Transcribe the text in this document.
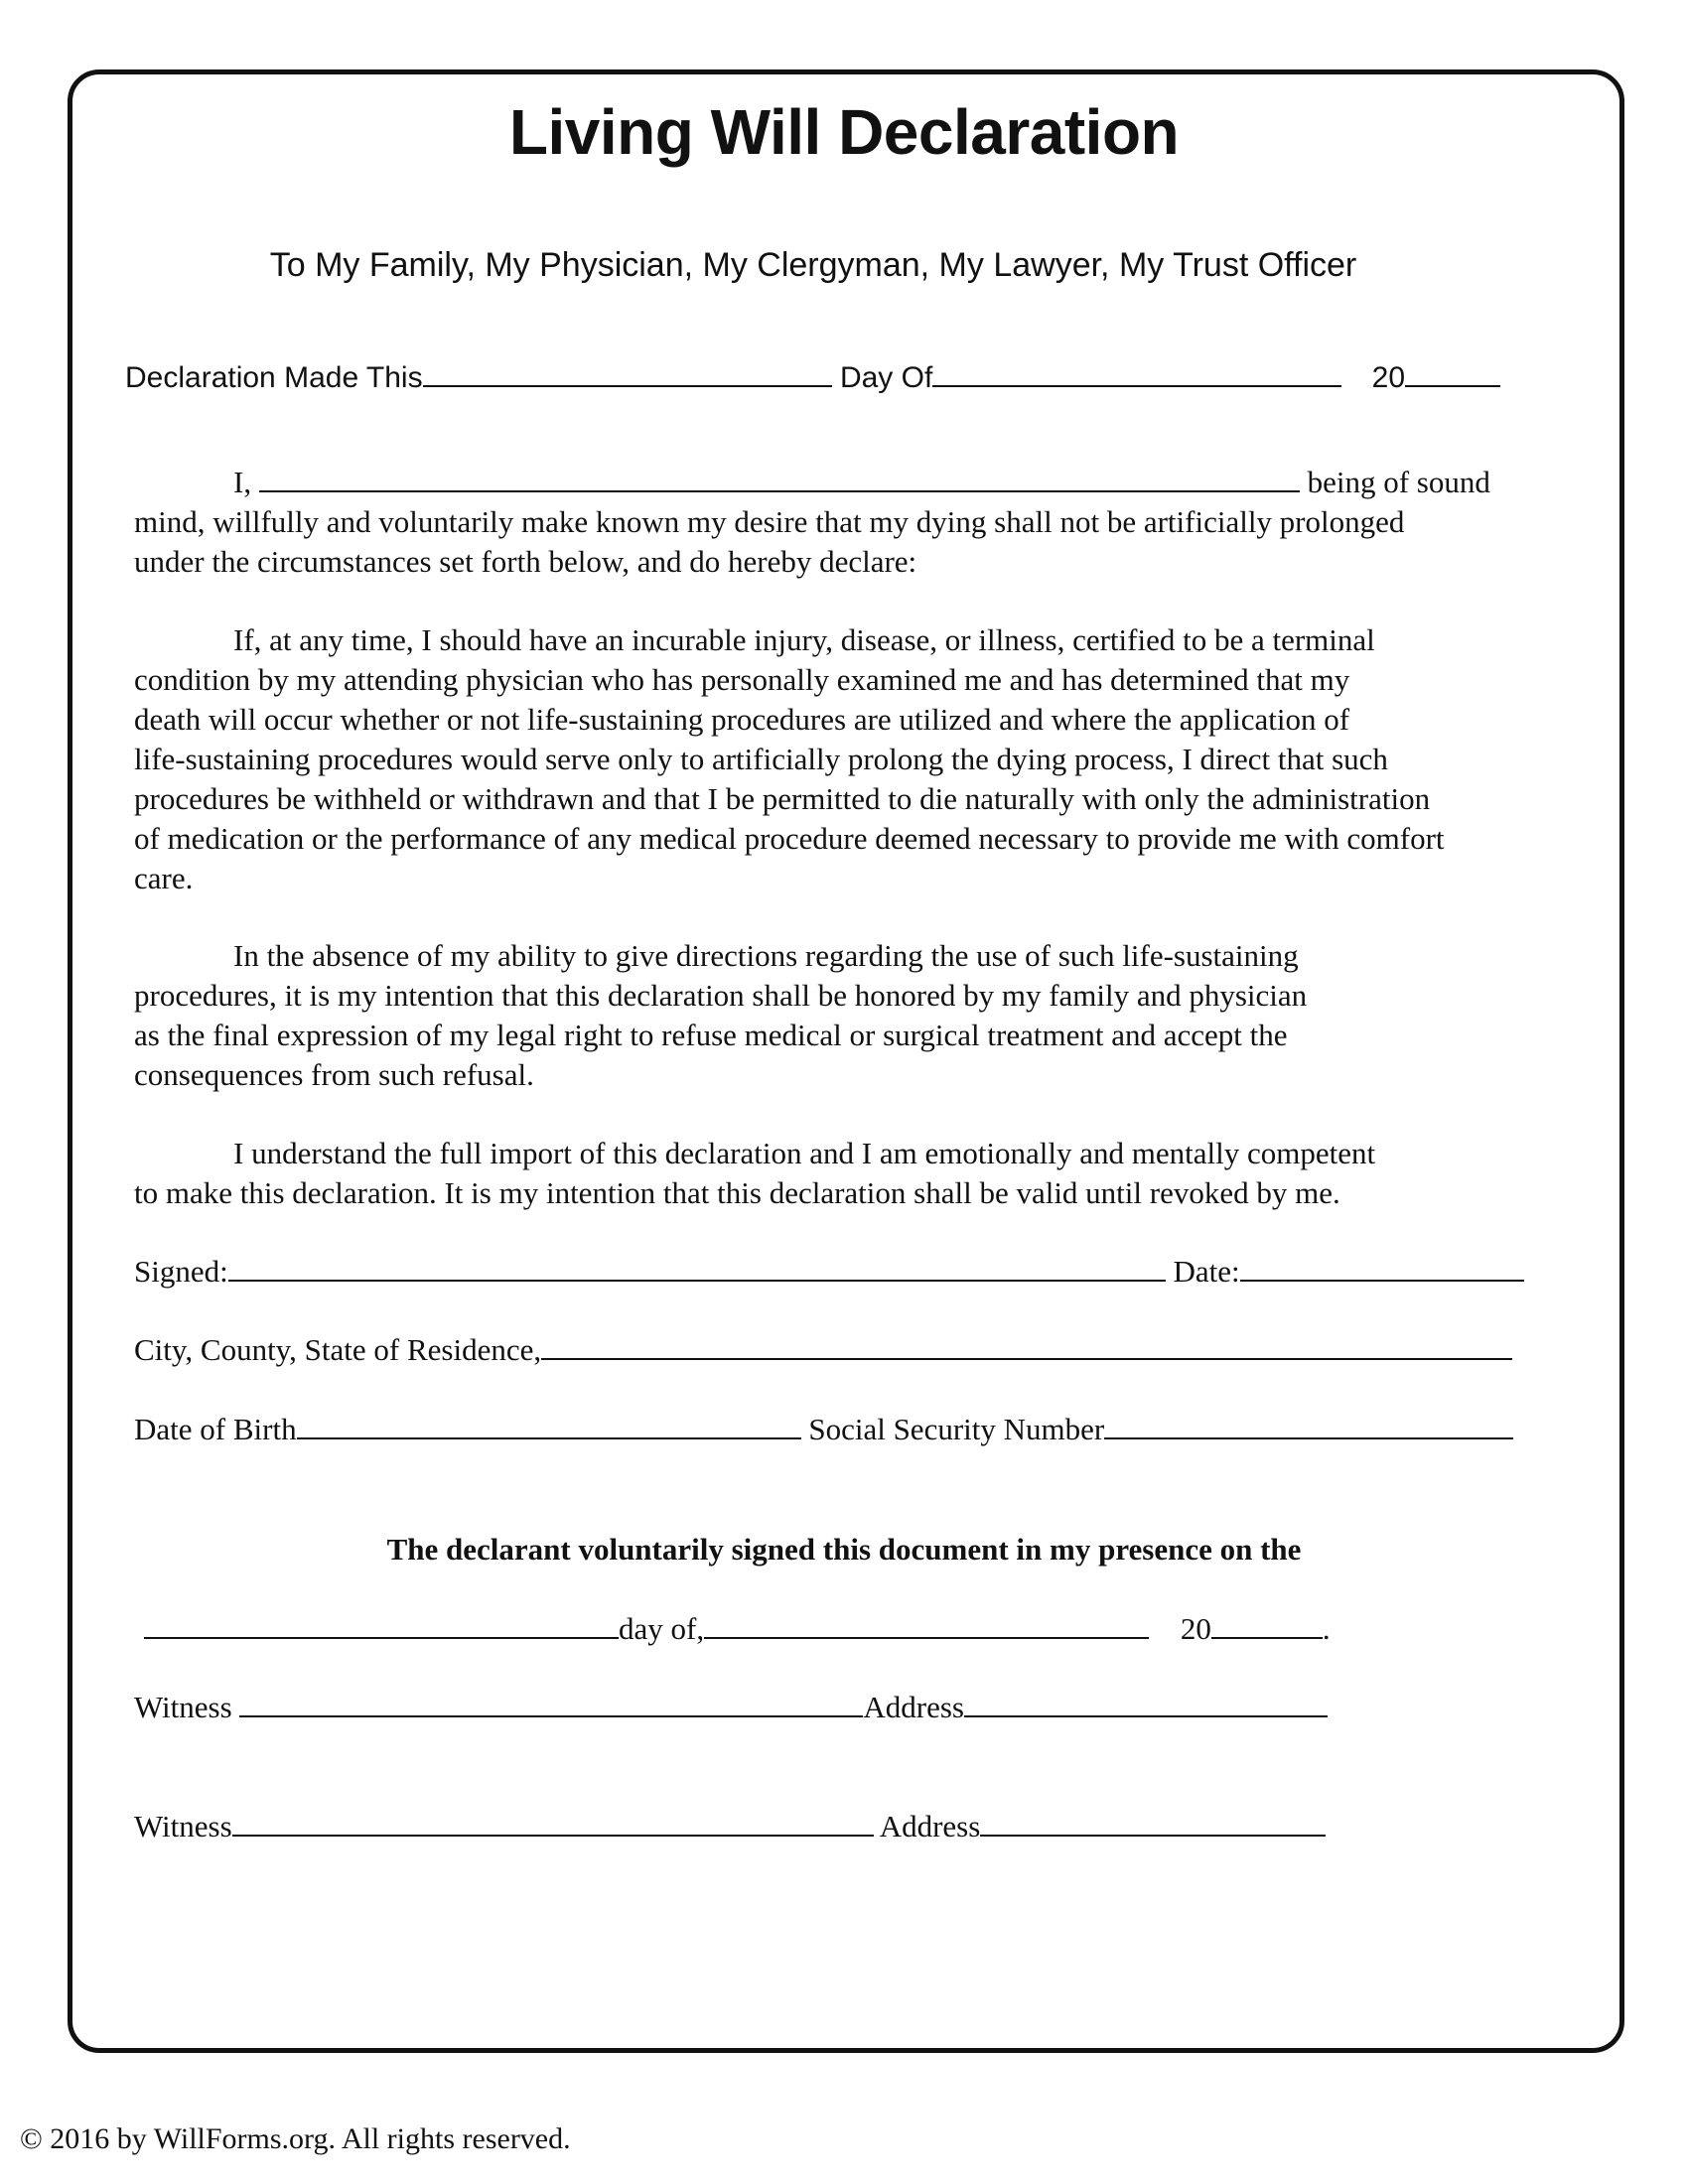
Living Will Declaration
To My Family, My Physician, My Clergyman, My Lawyer, My Trust Officer
Declaration Made This	Day Of	20
I,	being of sound
mind, willfully and voluntarily make known my desire that my dying shall not be artificially prolonged
under the circumstances set forth below, and do hereby declare:
If, at any time, I should have an incurable injury, disease, or illness, certified to be a terminal
condition by my attending physician who has personally examined me and has determined that my
death will occur whether or not life-sustaining procedures are utilized and where the application of
life-sustaining procedures would serve only to artificially prolong the dying process, I direct that such
procedures be withheld or withdrawn and that I be permitted to die naturally with only the administration
of medication or the performance of any medical procedure deemed necessary to provide me with comfort
care.
In the absence of my ability to give directions regarding the use of such life-sustaining
procedures, it is my intention that this declaration shall be honored by my family and physician
as the final expression of my legal right to refuse medical or surgical treatment and accept the
consequences from such refusal.
I understand the full import of this declaration and I am emotionally and mentally competent
to make this declaration. It is my intention that this declaration shall be valid until revoked by me.
Signed:	Date:
City, County, State of Residence,
Date of Birth	Social Security Number
The declarant voluntarily signed this document in my presence on the
day of,	20	.
Witness	Address
Witness	Address
© 2016 by WillForms.org. All rights reserved.
